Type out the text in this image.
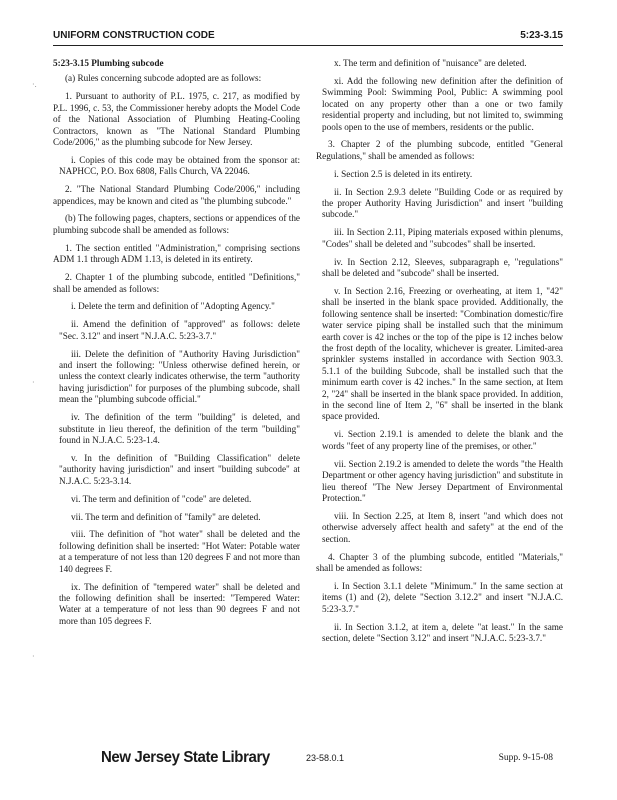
UNIFORM CONSTRUCTION CODE	5:23-3.15
·.
·
·

5:23-3.15 Plumbing subcode

(a) Rules concerning subcode adopted are as follows:

1. Pursuant to authority of P.L. 1975, c. 217, as modified by P.L. 1996, c. 53, the Commissioner hereby adopts the Model Code of the National Association of Plumbing Heating-Cooling Contractors, known as "The National Standard Plumbing Code/2006," as the plumbing subcode for New Jersey.

i. Copies of this code may be obtained from the sponsor at: NAPHCC, P.O. Box 6808, Falls Church, VA 22046.

2. "The National Standard Plumbing Code/2006," including appendices, may be known and cited as "the plumbing subcode."

(b) The following pages, chapters, sections or appendices of the plumbing subcode shall be amended as follows:

1. The section entitled "Administration," comprising sections ADM 1.1 through ADM 1.13, is deleted in its entirety.

2. Chapter 1 of the plumbing subcode, entitled "Definitions," shall be amended as follows:

i. Delete the term and definition of "Adopting Agency."

ii. Amend the definition of "approved" as follows: delete "Sec. 3.12" and insert "N.J.A.C. 5:23-3.7."

iii. Delete the definition of "Authority Having Jurisdiction" and insert the following: "Unless otherwise defined herein, or unless the context clearly indicates otherwise, the term "authority having jurisdiction" for purposes of the plumbing subcode, shall mean the "plumbing subcode official."

iv. The definition of the term "building" is deleted, and substitute in lieu thereof, the definition of the term "building" found in N.J.A.C. 5:23-1.4.

v. In the definition of "Building Classification" delete "authority having jurisdiction" and insert "building subcode" at N.J.A.C. 5:23-3.14.

vi. The term and definition of "code" are deleted.

vii. The term and definition of "family" are deleted.

viii. The definition of "hot water" shall be deleted and the following definition shall be inserted: "Hot Water: Potable water at a temperature of not less than 120 degrees F and not more than 140 degrees F.

ix. The definition of "tempered water" shall be deleted and the following definition shall be inserted: "Tempered Water: Water at a temperature of not less than 90 degrees F and not more than 105 degrees F.

x. The term and definition of "nuisance" are deleted.

xi. Add the following new definition after the definition of Swimming Pool: Swimming Pool, Public: A swimming pool located on any property other than a one or two family residential property and including, but not limited to, swimming pools open to the use of members, residents or the public.

3. Chapter 2 of the plumbing subcode, entitled "General Regulations," shall be amended as follows:

i. Section 2.5 is deleted in its entirety.

ii. In Section 2.9.3 delete "Building Code or as required by the proper Authority Having Jurisdiction" and insert "building subcode."

iii. In Section 2.11, Piping materials exposed within plenums, "Codes" shall be deleted and "subcodes" shall be inserted.

iv. In Section 2.12, Sleeves, subparagraph e, "regulations" shall be deleted and "subcode" shall be inserted.

v. In Section 2.16, Freezing or overheating, at item 1, "42" shall be inserted in the blank space provided. Additionally, the following sentence shall be inserted: "Combination domestic/fire water service piping shall be installed such that the minimum earth cover is 42 inches or the top of the pipe is 12 inches below the frost depth of the locality, whichever is greater. Limited-area sprinkler systems installed in accordance with Section 903.3. 5.1.1 of the building Subcode, shall be installed such that the minimum earth cover is 42 inches." In the same section, at Item 2, "24" shall be inserted in the blank space provided. In addition, in the second line of Item 2, "6" shall be inserted in the blank space provided.

vi. Section 2.19.1 is amended to delete the blank and the words "feet of any property line of the premises, or other."

vii. Section 2.19.2 is amended to delete the words "the Health Department or other agency having jurisdiction" and substitute in lieu thereof "The New Jersey Department of Environmental Protection."

viii. In Section 2.25, at Item 8, insert "and which does not otherwise adversely affect health and safety" at the end of the section.

4. Chapter 3 of the plumbing subcode, entitled "Materials," shall be amended as follows:

i. In Section 3.1.1 delete "Minimum." In the same section at items (1) and (2), delete "Section 3.12.2" and insert "N.J.A.C. 5:23-3.7."

ii. In Section 3.1.2, at item a, delete "at least." In the same section, delete "Section 3.12" and insert "N.J.A.C. 5:23-3.7."

New Jersey State Library	23-58.0.1	Supp. 9-15-08
